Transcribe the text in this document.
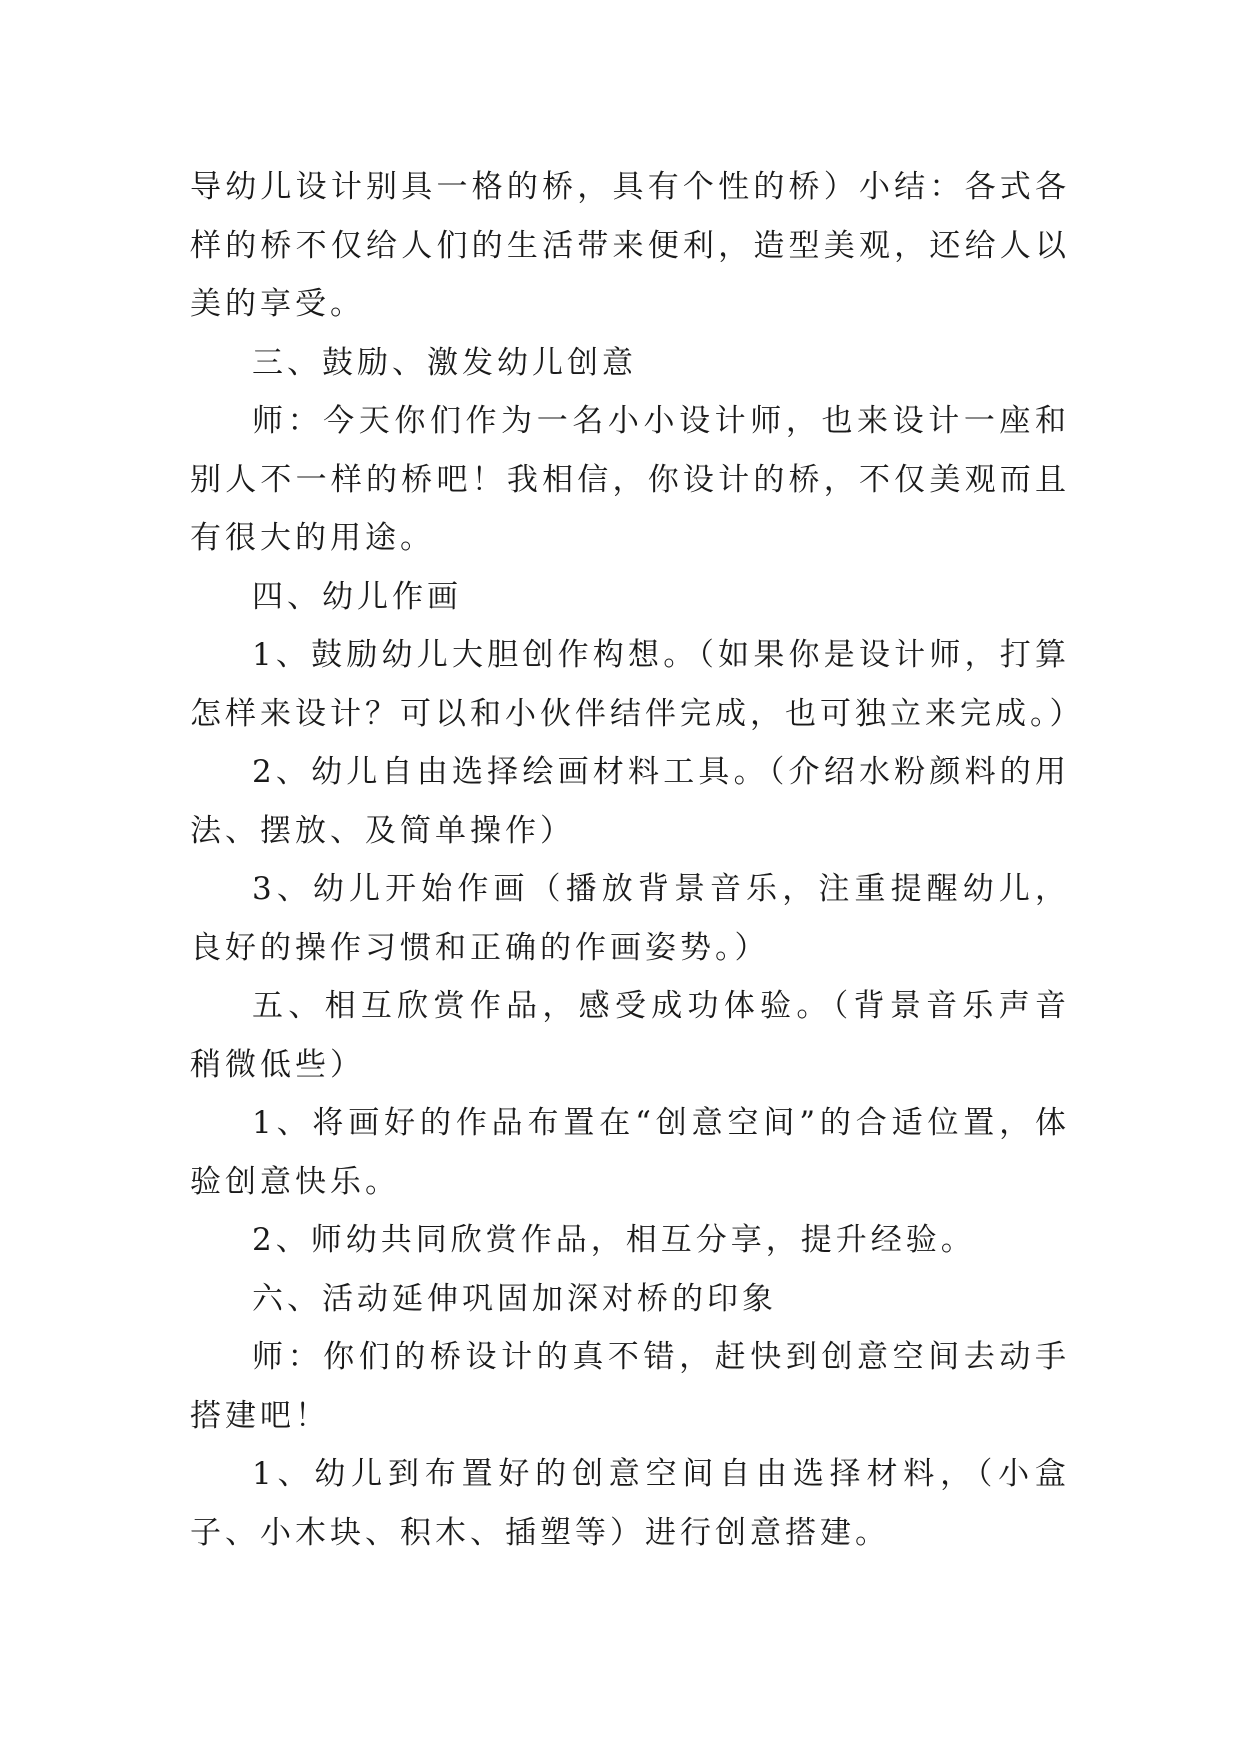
导幼儿设计别具一格的桥，具有个性的桥）小结：各式各样的桥不仅给人们的生活带来便利，造型美观，还给人以美的享受。

三、鼓励、激发幼儿创意

师：今天你们作为一名小小设计师，也来设计一座和别人不一样的桥吧！我相信，你设计的桥，不仅美观而且有很大的用途。

四、幼儿作画

1、鼓励幼儿大胆创作构想。（如果你是设计师，打算怎样来设计？可以和小伙伴结伴完成，也可独立来完成。）

2、幼儿自由选择绘画材料工具。（介绍水粉颜料的用法、摆放、及简单操作）

3、幼儿开始作画（播放背景音乐，注重提醒幼儿，良好的操作习惯和正确的作画姿势。）

五、相互欣赏作品，感受成功体验。（背景音乐声音稍微低些）

1、将画好的作品布置在“创意空间”的合适位置，体验创意快乐。

2、师幼共同欣赏作品，相互分享，提升经验。

六、活动延伸巩固加深对桥的印象

师：你们的桥设计的真不错，赶快到创意空间去动手搭建吧！

1、幼儿到布置好的创意空间自由选择材料，（小盒子、小木块、积木、插塑等）进行创意搭建。
